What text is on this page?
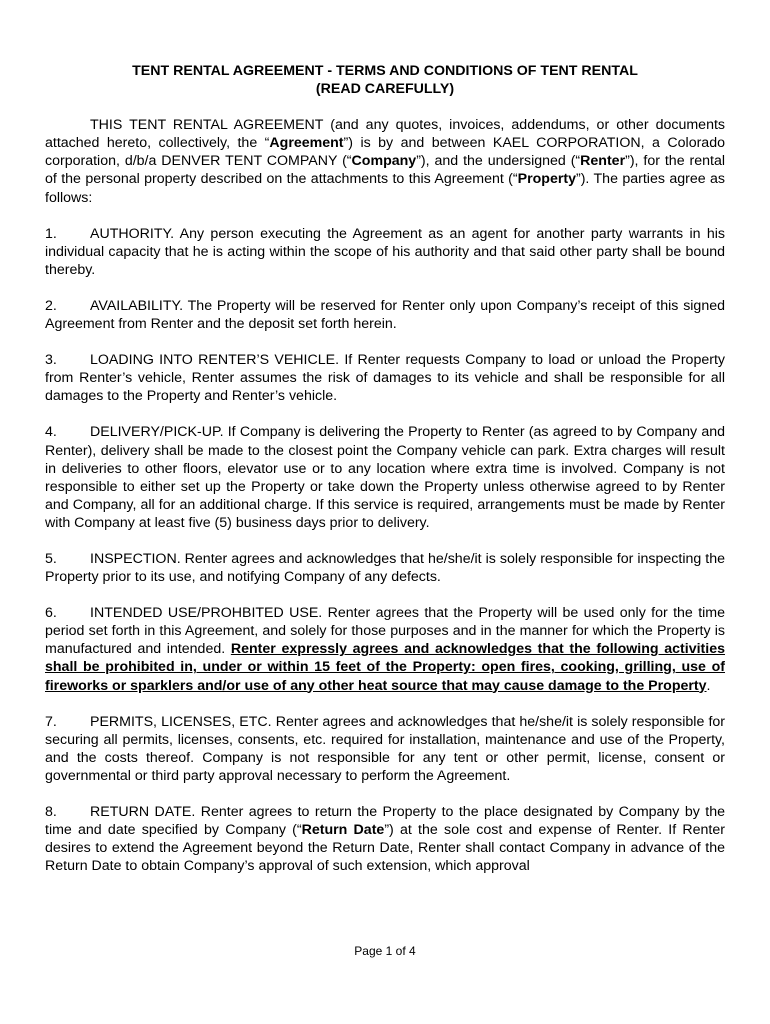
TENT RENTAL AGREEMENT - TERMS AND CONDITIONS OF TENT RENTAL
(READ CAREFULLY)

THIS TENT RENTAL AGREEMENT (and any quotes, invoices, addendums, or other documents attached hereto, collectively, the “Agreement”) is by and between KAEL CORPORATION, a Colorado corporation, d/b/a DENVER TENT COMPANY (“Company”), and the undersigned (“Renter”), for the rental of the personal property described on the attachments to this Agreement (“Property”). The parties agree as follows:

1. AUTHORITY. Any person executing the Agreement as an agent for another party warrants in his individual capacity that he is acting within the scope of his authority and that said other party shall be bound thereby.

2. AVAILABILITY. The Property will be reserved for Renter only upon Company’s receipt of this signed Agreement from Renter and the deposit set forth herein.

3. LOADING INTO RENTER’S VEHICLE. If Renter requests Company to load or unload the Property from Renter’s vehicle, Renter assumes the risk of damages to its vehicle and shall be responsible for all damages to the Property and Renter’s vehicle.

4. DELIVERY/PICK-UP. If Company is delivering the Property to Renter (as agreed to by Company and Renter), delivery shall be made to the closest point the Company vehicle can park. Extra charges will result in deliveries to other floors, elevator use or to any location where extra time is involved. Company is not responsible to either set up the Property or take down the Property unless otherwise agreed to by Renter and Company, all for an additional charge. If this service is required, arrangements must be made by Renter with Company at least five (5) business days prior to delivery.

5. INSPECTION. Renter agrees and acknowledges that he/she/it is solely responsible for inspecting the Property prior to its use, and notifying Company of any defects.

6. INTENDED USE/PROHBITED USE. Renter agrees that the Property will be used only for the time period set forth in this Agreement, and solely for those purposes and in the manner for which the Property is manufactured and intended. Renter expressly agrees and acknowledges that the following activities shall be prohibited in, under or within 15 feet of the Property: open fires, cooking, grilling, use of fireworks or sparklers and/or use of any other heat source that may cause damage to the Property.

7. PERMITS, LICENSES, ETC. Renter agrees and acknowledges that he/she/it is solely responsible for securing all permits, licenses, consents, etc. required for installation, maintenance and use of the Property, and the costs thereof. Company is not responsible for any tent or other permit, license, consent or governmental or third party approval necessary to perform the Agreement.

8. RETURN DATE. Renter agrees to return the Property to the place designated by Company by the time and date specified by Company (“Return Date”) at the sole cost and expense of Renter. If Renter desires to extend the Agreement beyond the Return Date, Renter shall contact Company in advance of the Return Date to obtain Company’s approval of such extension, which approval

Page 1 of 4
